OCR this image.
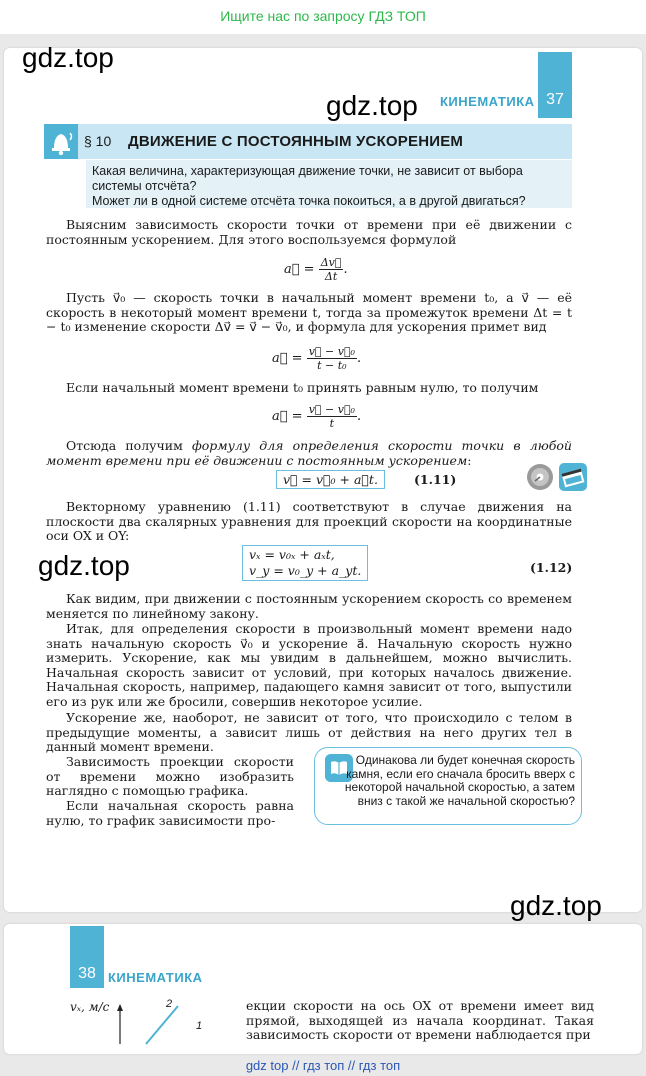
Ищите нас по запросу ГДЗ ТОП
gdz.top
gdz.top КИНЕМАТИКА 37
§ 10 ДВИЖЕНИЕ С ПОСТОЯННЫМ УСКОРЕНИЕМ
Какая величина, характеризующая движение точки, не зависит от выбора системы отсчёта?
Может ли в одной системе отсчёта точка покоиться, а в другой двигаться?
Выясним зависимость скорости точки от времени при её движении с постоянным ускорением. Для этого воспользуемся формулой
a⃗ = $\frac{\Delta v⃗}{\Delta t}$ .
Пусть v⃗₀ — скорость точки в начальный момент времени t₀, а v⃗ — её скорость в некоторый момент времени t, тогда за промежуток времени Δt = t − t₀ изменение скорости Δv⃗ = v⃗ − v⃗₀, и формула для ускорения примет вид
a⃗ = $\frac{\text{v⃗ − v⃗₀}}{\text{t − t₀}}$ .
Если начальный момент времени t₀ принять равным нулю, то получим
a⃗ = $\frac{\text{v⃗ − v⃗₀}}{t}$ .
Отсюда получим формулу для определения скорости точки в любой момент времени при её движении с постоянным ускорением:
v⃗ = v⃗₀ + a⃗t.	(1.11)
Векторному уравнению (1.11) соответствуют в случае движения на плоскости два скалярных уравнения для проекций скорости на координатные оси OX и OY:
gdz.top	vₓ = v₀ₓ + aₓt,
v_y = v₀_y + a_yt.	(1.12)
Как видим, при движении с постоянным ускорением скорость со временем меняется по линейному закону.
Итак, для определения скорости в произвольный момент времени надо знать начальную скорость v⃗₀ и ускорение a⃗. Начальную скорость нужно измерить. Ускорение, как мы увидим в дальнейшем, можно вычислить. Начальная скорость зависит от условий, при которых началось движение. Начальная скорость, например, падающего камня зависит от того, выпустили его из рук или же бросили, совершив некоторое усилие.
Ускорение же, наоборот, не зависит от того, что происходило с телом в предыдущие моменты, а зависит лишь от действия на него других тел в данный момент времени.
Зависимость проекции скорости от времени можно изобразить наглядно с помощью графика.
Если начальная скорость равна нулю, то график зависимости про-
Одинакова ли будет конечная скорость камня, если его сначала бросить вверх с некоторой начальной скоростью, а затем вниз с такой же начальной скоростью?
gdz.top
38 КИНЕМАТИКА
vₓ, м/с	2
1
екции скорости на ось OX от времени имеет вид прямой, выходящей из начала координат. Такая зависимость скорости от времени наблюдается при
gdz top // гдз топ // гдз топ
